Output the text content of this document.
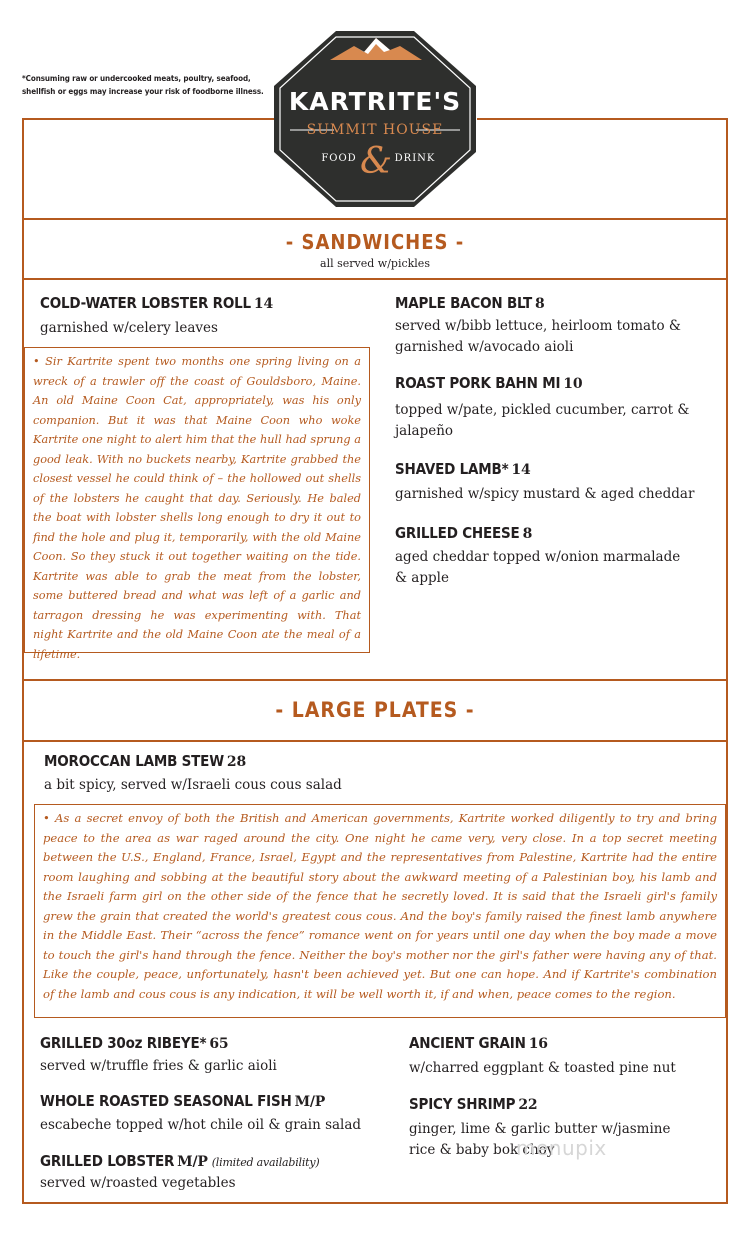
*Consuming raw or undercooked meats, poultry, seafood, shellfish or eggs may increase your risk of foodborne illness.	KARTRITE'S
SUMMIT HOUSE
FOOD & DRINK
- SANDWICHES -
all served w/pickles
COLD-WATER LOBSTER ROLL 14
garnished w/celery leaves
• Sir Kartrite spent two months one spring living on a wreck of a trawler off the coast of Gouldsboro, Maine. An old Maine Coon Cat, appropriately, was his only companion. But it was that Maine Coon who woke Kartrite one night to alert him that the hull had sprung a good leak. With no buckets nearby, Kartrite grabbed the closest vessel he could think of – the hollowed out shells of the lobsters he caught that day. Seriously. He baled the boat with lobster shells long enough to dry it out to find the hole and plug it, temporarily, with the old Maine Coon. So they stuck it out together waiting on the tide. Kartrite was able to grab the meat from the lobster, some buttered bread and what was left of a garlic and tarragon dressing he was experimenting with. That night Kartrite and the old Maine Coon ate the meal of a lifetime.
MAPLE BACON BLT 8
served w/bibb lettuce, heirloom tomato & garnished w/avocado aioli
ROAST PORK BAHN MI 10
topped w/pate, pickled cucumber, carrot & jalapeño
SHAVED LAMB* 14
garnished w/spicy mustard & aged cheddar
GRILLED CHEESE 8
aged cheddar topped w/onion marmalade & apple
- LARGE PLATES -
MOROCCAN LAMB STEW 28
a bit spicy, served w/Israeli cous cous salad
• As a secret envoy of both the British and American governments, Kartrite worked diligently to try and bring peace to the area as war raged around the city. One night he came very, very close. In a top secret meeting between the U.S., England, France, Israel, Egypt and the representatives from Palestine, Kartrite had the entire room laughing and sobbing at the beautiful story about the awkward meeting of a Palestinian boy, his lamb and the Israeli farm girl on the other side of the fence that he secretly loved. It is said that the Israeli girl's family grew the grain that created the world's greatest cous cous. And the boy's family raised the finest lamb anywhere in the Middle East. Their “across the fence” romance went on for years until one day when the boy made a move to touch the girl's hand through the fence. Neither the boy's mother nor the girl's father were having any of that. Like the couple, peace, unfortunately, hasn't been achieved yet. But one can hope. And if Kartrite's combination of the lamb and cous cous is any indication, it will be well worth it, if and when, peace comes to the region.
GRILLED 30oz RIBEYE* 65
served w/truffle fries & garlic aioli
WHOLE ROASTED SEASONAL FISH M/P
escabeche topped w/hot chile oil & grain salad
GRILLED LOBSTER M/P (limited availability)
served w/roasted vegetables
ANCIENT GRAIN 16
w/charred eggplant & toasted pine nut
SPICY SHRIMP 22
ginger, lime & garlic butter w/jasmine rice & baby bok choy
menupix
